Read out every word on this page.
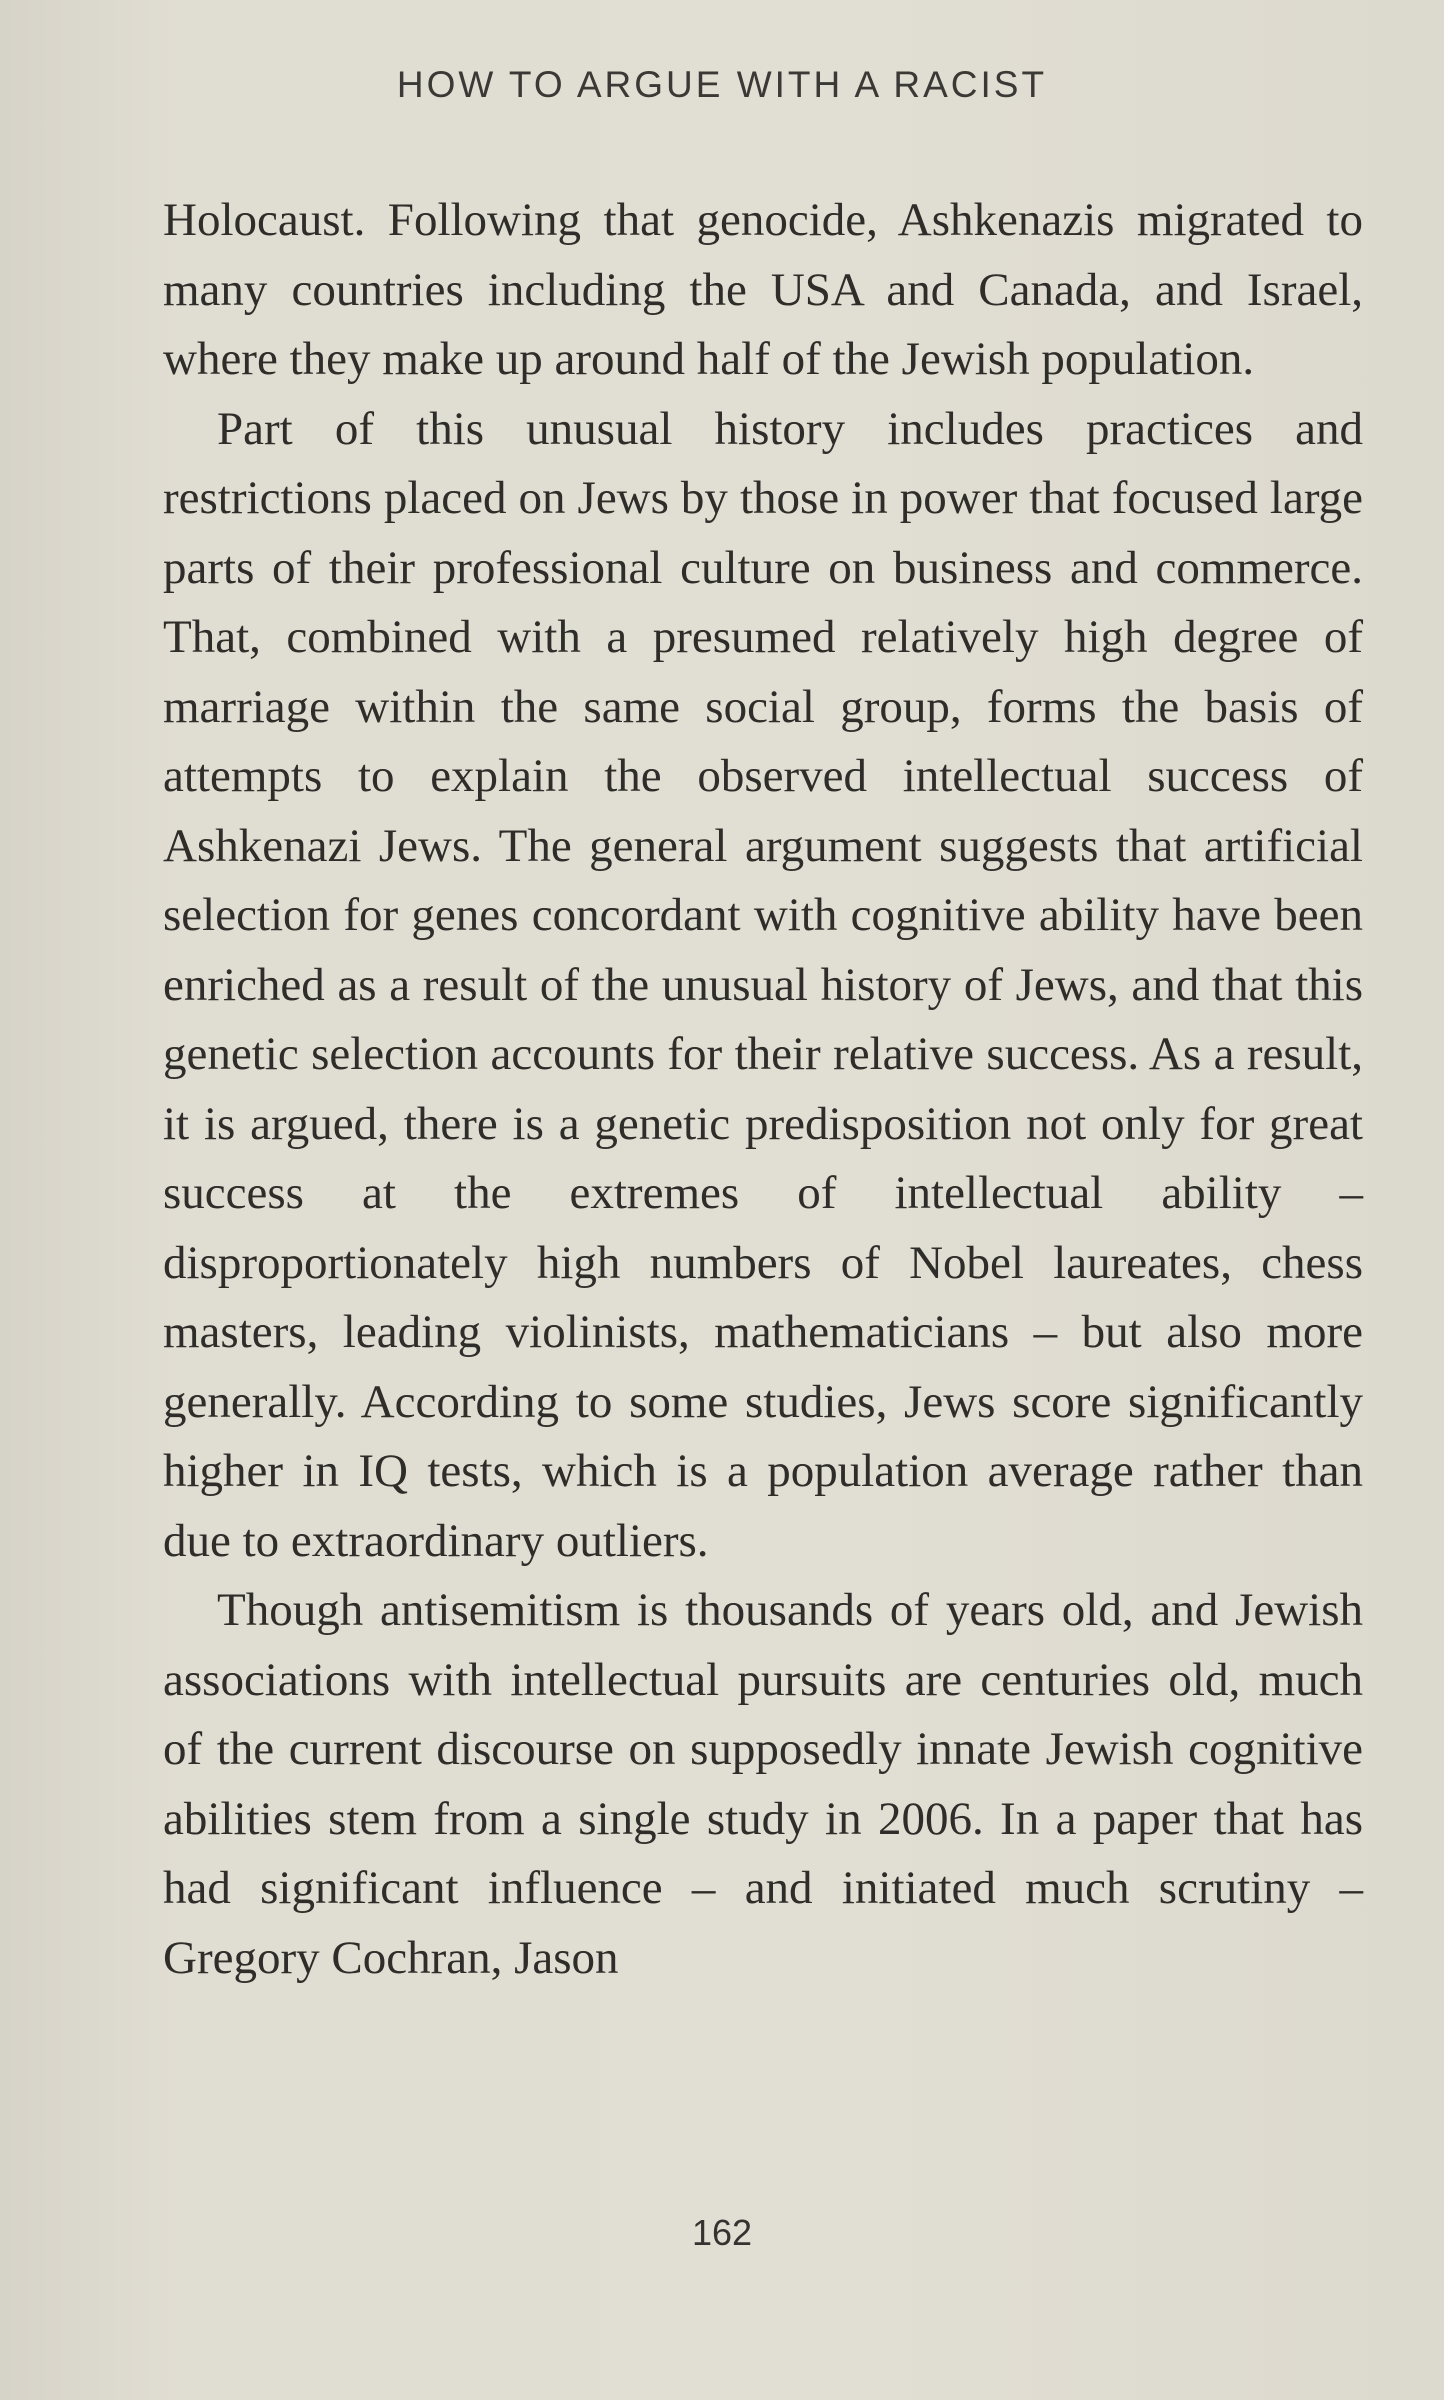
HOW TO ARGUE WITH A RACIST

Holocaust. Following that genocide, Ashkenazis migrated to many countries including the USA and Canada, and Israel, where they make up around half of the Jewish population.

Part of this unusual history includes practices and restrictions placed on Jews by those in power that focused large parts of their professional culture on business and commerce. That, combined with a presumed relatively high degree of marriage within the same social group, forms the basis of attempts to explain the observed intellectual success of Ashkenazi Jews. The general argument suggests that artificial selection for genes concordant with cognitive ability have been enriched as a result of the unusual history of Jews, and that this genetic selection accounts for their relative success. As a result, it is argued, there is a genetic predisposition not only for great success at the extremes of intellectual ability – disproportionately high numbers of Nobel laureates, chess masters, leading violinists, mathematicians – but also more generally. According to some studies, Jews score significantly higher in IQ tests, which is a population average rather than due to extraordinary outliers.

Though antisemitism is thousands of years old, and Jewish associations with intellectual pursuits are centuries old, much of the current discourse on supposedly innate Jewish cognitive abilities stem from a single study in 2006. In a paper that has had significant influence – and initiated much scrutiny – Gregory Cochran, Jason

162
